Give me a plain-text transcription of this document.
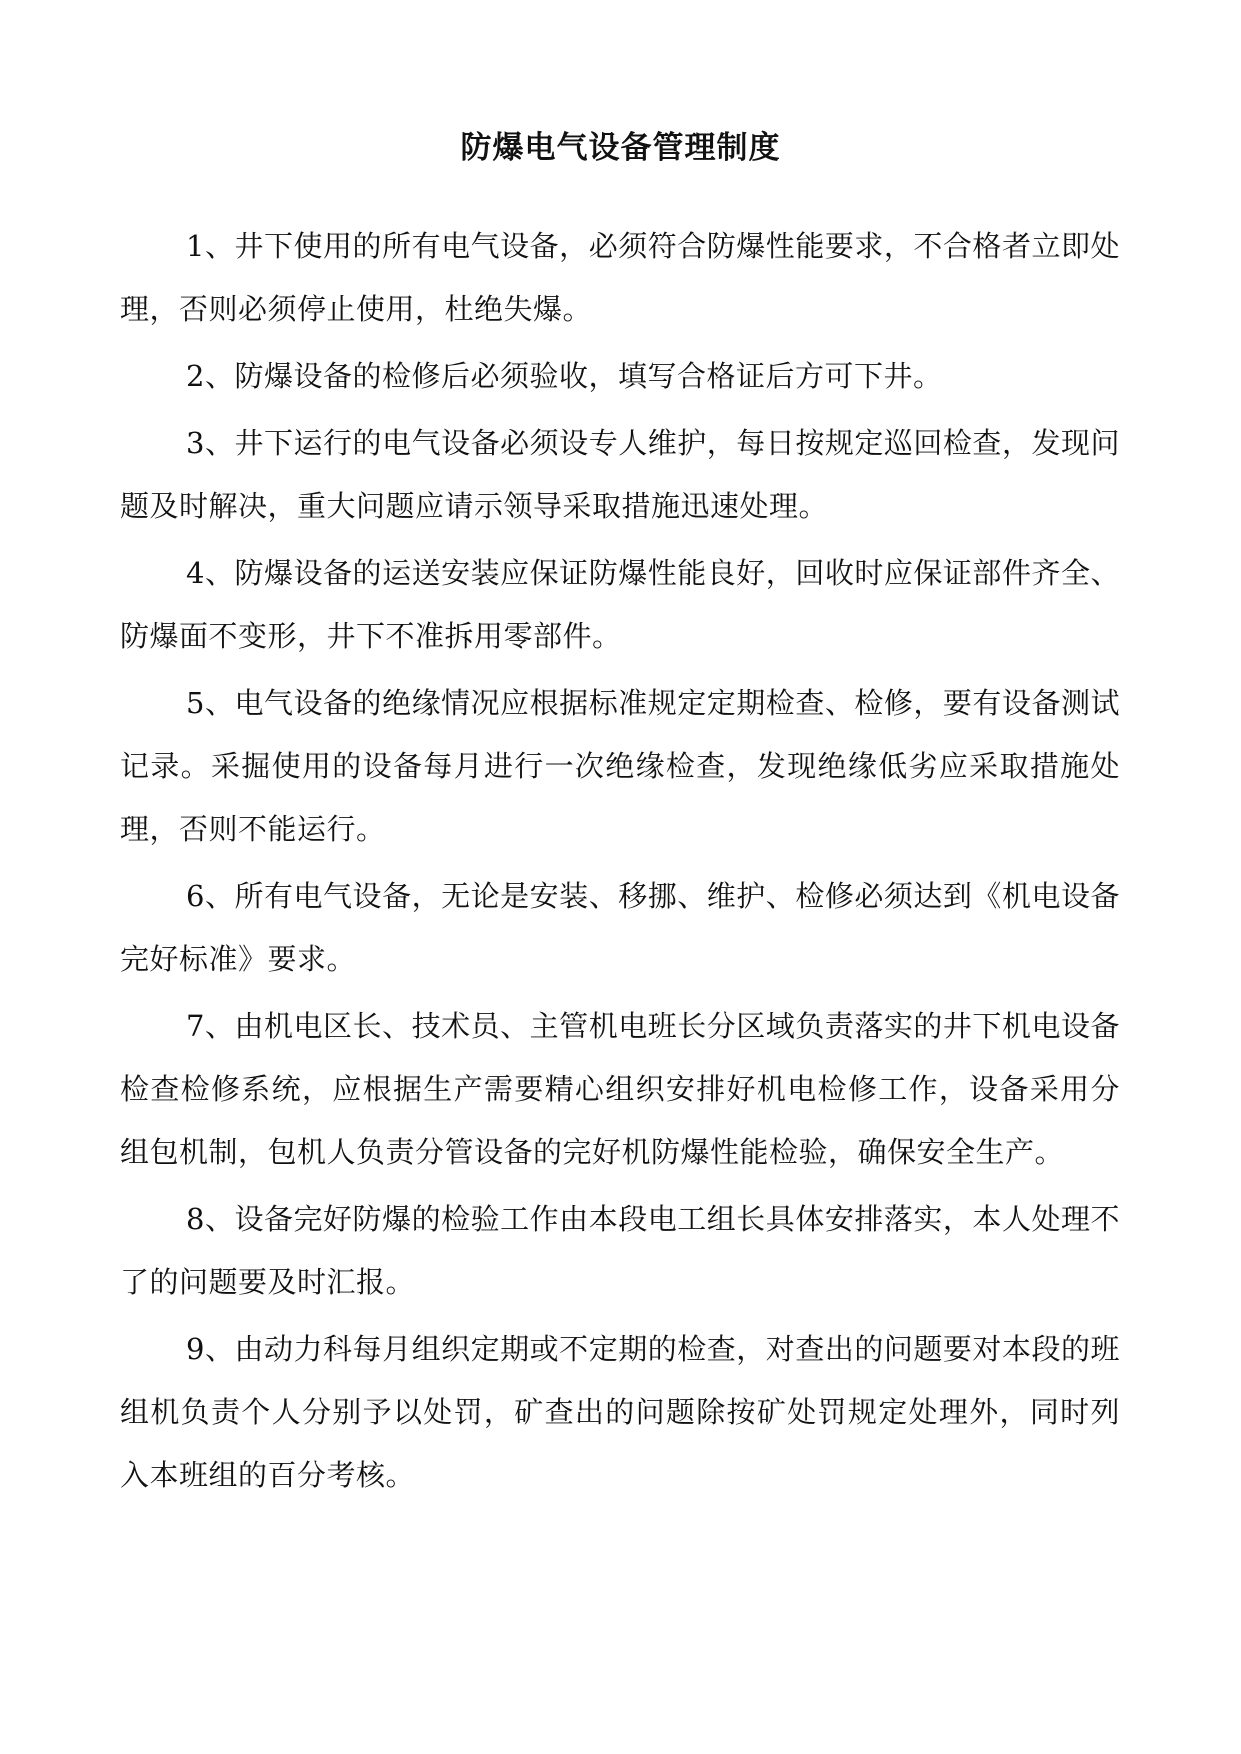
防爆电气设备管理制度

1、井下使用的所有电气设备，必须符合防爆性能要求，不合格者立即处理，否则必须停止使用，杜绝失爆。

2、防爆设备的检修后必须验收，填写合格证后方可下井。

3、井下运行的电气设备必须设专人维护，每日按规定巡回检查，发现问题及时解决，重大问题应请示领导采取措施迅速处理。

4、防爆设备的运送安装应保证防爆性能良好，回收时应保证部件齐全、防爆面不变形，井下不准拆用零部件。

5、电气设备的绝缘情况应根据标准规定定期检查、检修，要有设备测试记录。采掘使用的设备每月进行一次绝缘检查，发现绝缘低劣应采取措施处理，否则不能运行。

6、所有电气设备，无论是安装、移挪、维护、检修必须达到《机电设备完好标准》要求。

7、由机电区长、技术员、主管机电班长分区域负责落实的井下机电设备检查检修系统，应根据生产需要精心组织安排好机电检修工作，设备采用分组包机制，包机人负责分管设备的完好机防爆性能检验，确保安全生产。

8、设备完好防爆的检验工作由本段电工组长具体安排落实，本人处理不了的问题要及时汇报。

9、由动力科每月组织定期或不定期的检查，对查出的问题要对本段的班组机负责个人分别予以处罚，矿查出的问题除按矿处罚规定处理外，同时列入本班组的百分考核。
